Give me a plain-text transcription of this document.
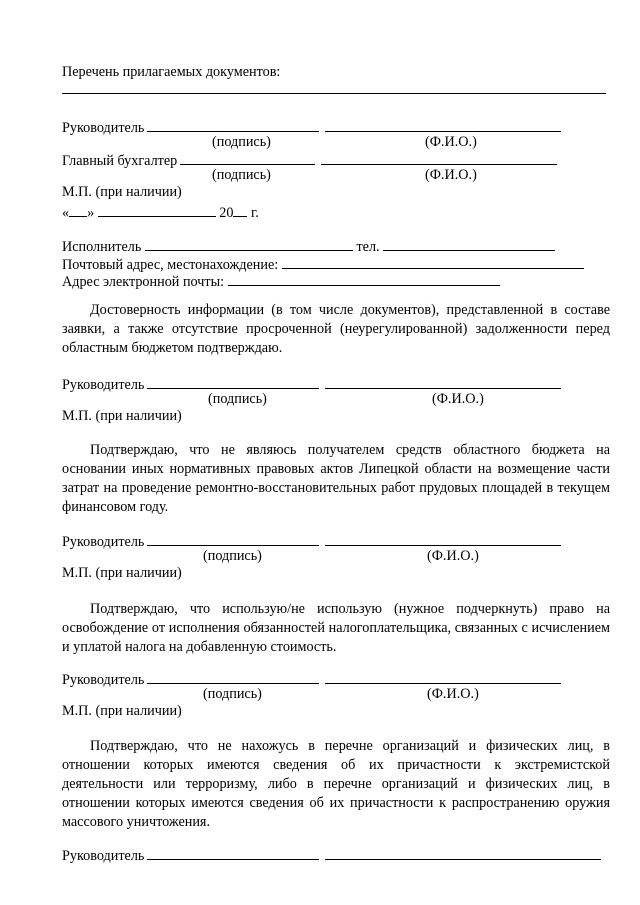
Перечень прилагаемых документов:
Руководитель
(подпись)	(Ф.И.О.)
Главный бухгалтер
(подпись)	(Ф.И.О.)
М.П. (при наличии)
« »	20 г.
Исполнитель	тел.
Почтовый адрес, местонахождение:
Адрес электронной почты:
Достоверность информации (в том числе документов), представленной в составе заявки, а также отсутствие просроченной (неурегулированной) задолженности перед областным бюджетом подтверждаю.
Руководитель
(подпись)	(Ф.И.О.)
М.П. (при наличии)
Подтверждаю, что не являюсь получателем средств областного бюджета на основании иных нормативных правовых актов Липецкой области на возмещение части затрат на проведение ремонтно-восстановительных работ прудовых площадей в текущем финансовом году.
Руководитель
(подпись)	(Ф.И.О.)
М.П. (при наличии)
Подтверждаю, что использую/не использую (нужное подчеркнуть) право на освобождение от исполнения обязанностей налогоплательщика, связанных с исчислением и уплатой налога на добавленную стоимость.
Руководитель
(подпись)	(Ф.И.О.)
М.П. (при наличии)
Подтверждаю, что не нахожусь в перечне организаций и физических лиц, в отношении которых имеются сведения об их причастности к экстремистской деятельности или терроризму, либо в перечне организаций и физических лиц, в отношении которых имеются сведения об их причастности к распространению оружия массового уничтожения.
Руководитель
